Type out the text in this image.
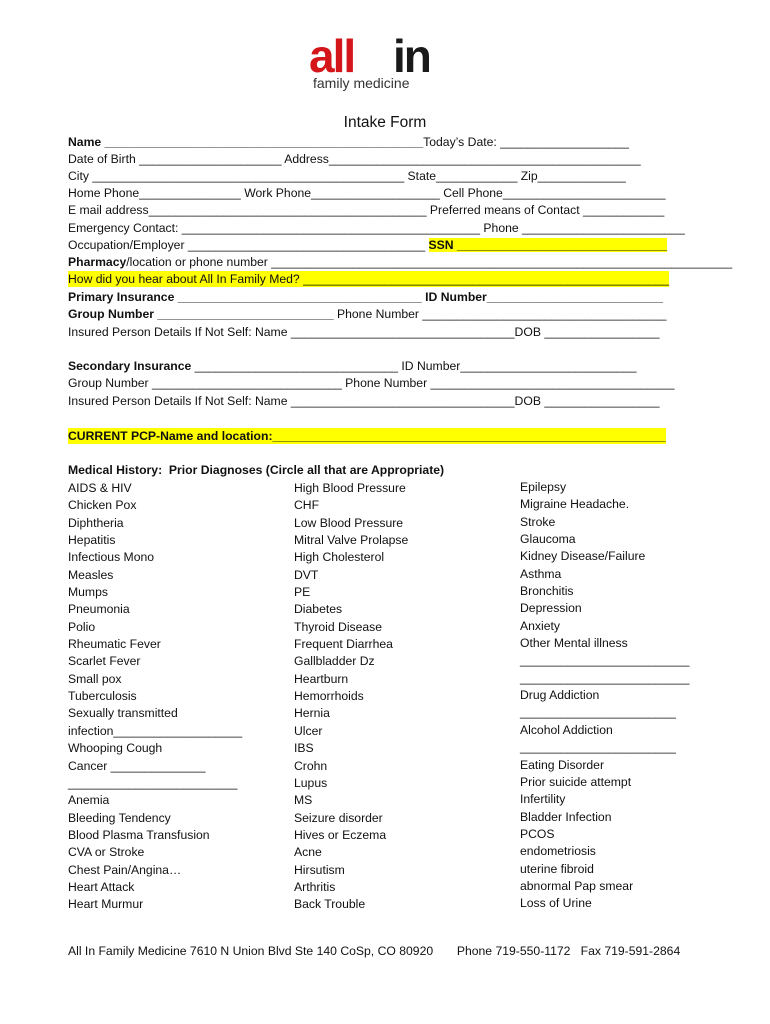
all in
family medicine
Intake Form
Name _______________________________________________Today’s Date: ___________________
Date of Birth _____________________ Address______________________________________________
City ______________________________________________ State____________ Zip_____________
Home Phone_______________ Work Phone___________________ Cell Phone________________________
E mail address_________________________________________ Preferred means of Contact ____________
Emergency Contact: ____________________________________________ Phone ________________________
Occupation/Employer ___________________________________ SSN _______________________________
Pharmacy/location or phone number ____________________________________________________________________
How did you hear about All In Family Med? ______________________________________________________
Primary Insurance ____________________________________ ID Number__________________________
Group Number __________________________ Phone Number ____________________________________
Insured Person Details If Not Self: Name _________________________________DOB _________________
Secondary Insurance ______________________________ ID Number__________________________
Group Number ____________________________ Phone Number ____________________________________
Insured Person Details If Not Self: Name _________________________________DOB _________________
CURRENT PCP-Name and location:__________________________________________________________
Medical History:  Prior Diagnoses (Circle all that are Appropriate)
AIDS & HIV
Chicken Pox
Diphtheria
Hepatitis
Infectious Mono
Measles
Mumps
Pneumonia
Polio
Rheumatic Fever
Scarlet Fever
Small pox
Tuberculosis
Sexually transmitted
infection___________________
Whooping Cough
Cancer ______________
_________________________
Anemia
Bleeding Tendency
Blood Plasma Transfusion
CVA or Stroke
Chest Pain/Angina…
Heart Attack
Heart Murmur
High Blood Pressure
CHF
Low Blood Pressure
Mitral Valve Prolapse
High Cholesterol
DVT
PE
Diabetes
Thyroid Disease
Frequent Diarrhea
Gallbladder Dz
Heartburn
Hemorrhoids
Hernia
Ulcer
IBS
Crohn
Lupus
MS
Seizure disorder
Hives or Eczema
Acne
Hirsutism
Arthritis
Back Trouble
Epilepsy
Migraine Headache.
Stroke
Glaucoma
Kidney Disease/Failure
Asthma
Bronchitis
Depression
Anxiety
Other Mental illness
_________________________
_________________________
Drug Addiction
_______________________
Alcohol Addiction
_______________________
Eating Disorder
Prior suicide attempt
Infertility
Bladder Infection
PCOS
endometriosis
uterine fibroid
abnormal Pap smear
Loss of Urine
All In Family Medicine 7610 N Union Blvd Ste 140 CoSp, CO 80920       Phone 719-550-1172   Fax 719-591-2864
